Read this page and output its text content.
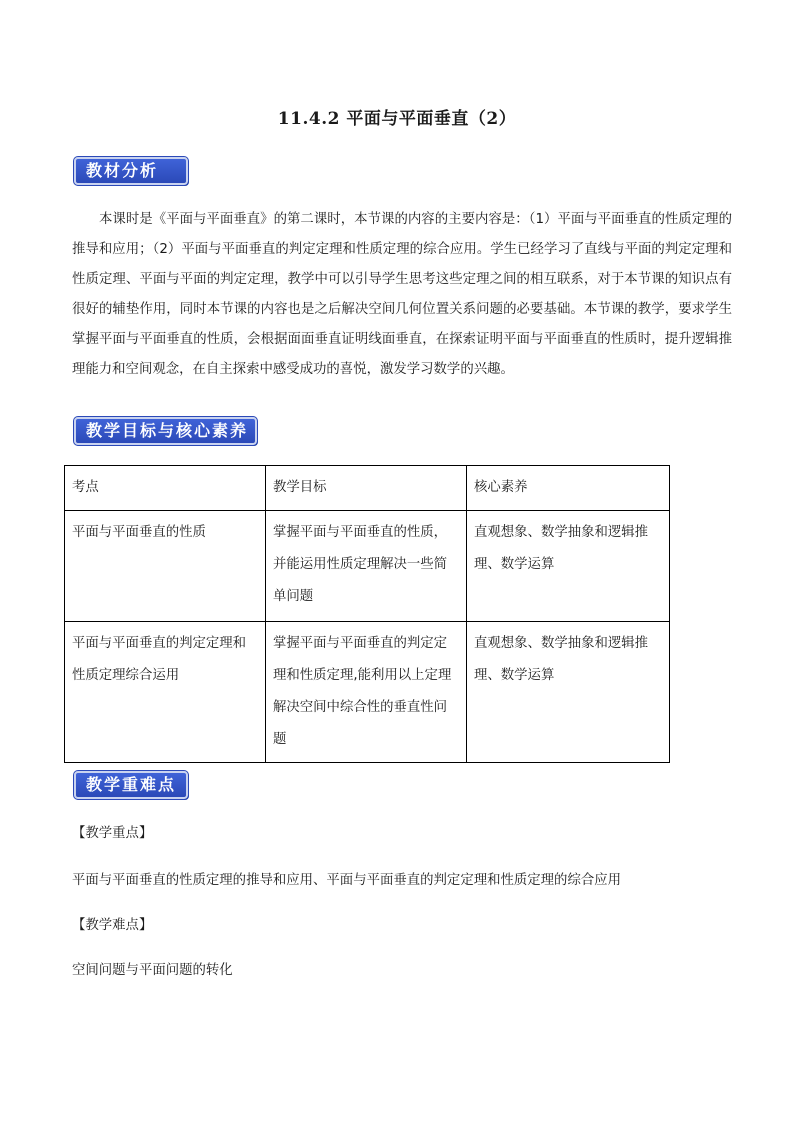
11.4.2 平面与平面垂直（2）
教材分析

本课时是《平面与平面垂直》的第二课时，本节课的内容的主要内容是：（1）平面与平面垂直的性质定理的推导和应用；（2）平面与平面垂直的判定定理和性质定理的综合应用。学生已经学习了直线与平面的判定定理和性质定理、平面与平面的判定定理，教学中可以引导学生思考这些定理之间的相互联系，对于本节课的知识点有很好的辅垫作用，同时本节课的内容也是之后解决空间几何位置关系问题的必要基础。本节课的教学，要求学生掌握平面与平面垂直的性质，会根据面面垂直证明线面垂直，在探索证明平面与平面垂直的性质时，提升逻辑推理能力和空间观念，在自主探索中感受成功的喜悦，激发学习数学的兴趣。

教学目标与核心素养
考点	教学目标	核心素养
平面与平面垂直的性质	掌握平面与平面垂直的性质，并能运用性质定理解决一些简单问题	直观想象、数学抽象和逻辑推理、数学运算
平面与平面垂直的判定定理和性质定理综合运用	掌握平面与平面垂直的判定定理和性质定理,能利用以上定理解决空间中综合性的垂直性问题	直观想象、数学抽象和逻辑推理、数学运算
教学重难点
【教学重点】
平面与平面垂直的性质定理的推导和应用、平面与平面垂直的判定定理和性质定理的综合应用
【教学难点】
空间问题与平面问题的转化
